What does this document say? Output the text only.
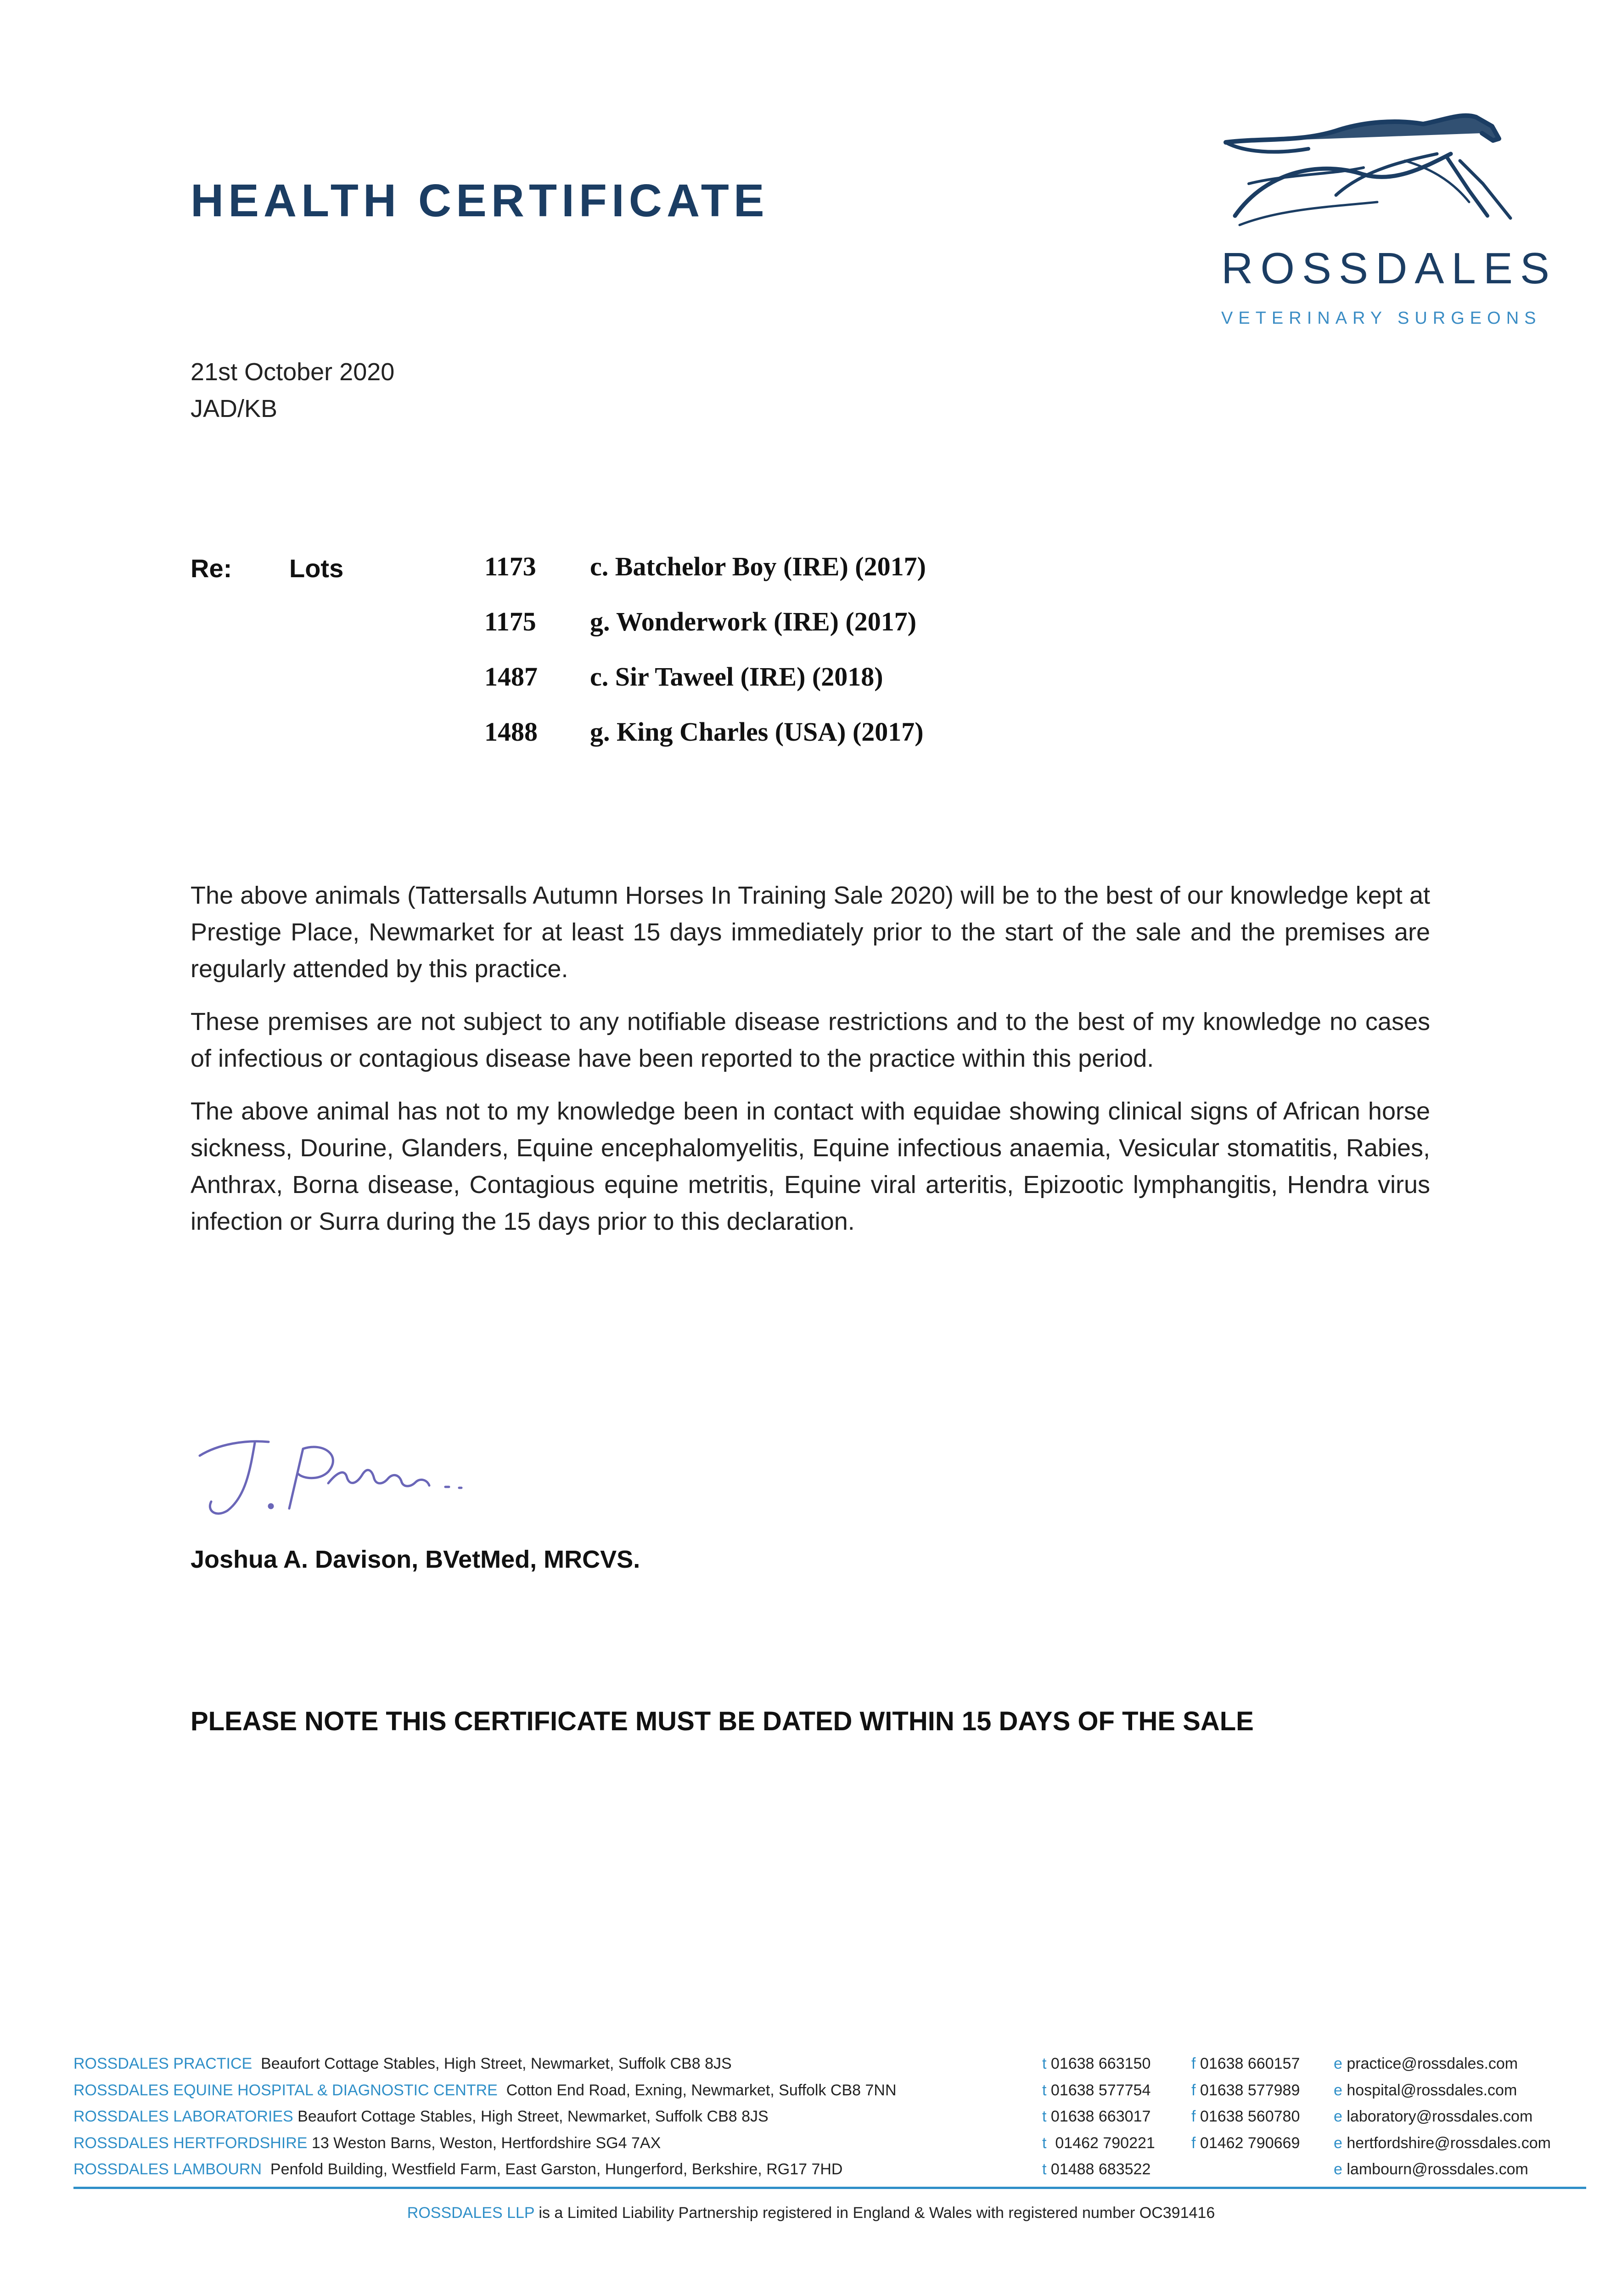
HEALTH CERTIFICATE
ROSSDALES
VETERINARY SURGEONS
21st October 2020
JAD/KB
Re: Lots	1173 c. Batchelor Boy (IRE) (2017)
1175 g. Wonderwork (IRE) (2017)
1487 c. Sir Taweel (IRE) (2018)
1488 g. King Charles (USA) (2017)
The above animals (Tattersalls Autumn Horses In Training Sale 2020) will be to the best of our knowledge kept at Prestige Place, Newmarket for at least 15 days immediately prior to the start of the sale and the premises are regularly attended by this practice.
These premises are not subject to any notifiable disease restrictions and to the best of my knowledge no cases of infectious or contagious disease have been reported to the practice within this period.
The above animal has not to my knowledge been in contact with equidae showing clinical signs of African horse sickness, Dourine, Glanders, Equine encephalomyelitis, Equine infectious anaemia, Vesicular stomatitis, Rabies, Anthrax, Borna disease, Contagious equine metritis, Equine viral arteritis, Epizootic lymphangitis, Hendra virus infection or Surra during the 15 days prior to this declaration.
Joshua A. Davison, BVetMed, MRCVS.
PLEASE NOTE THIS CERTIFICATE MUST BE DATED WITHIN 15 DAYS OF THE SALE
ROSSDALES PRACTICE Beaufort Cottage Stables, High Street, Newmarket, Suffolk CB8 8JS	t 01638 663150	f 01638 660157 e practice@rossdales.com
ROSSDALES EQUINE HOSPITAL & DIAGNOSTIC CENTRE Cotton End Road, Exning, Newmarket, Suffolk CB8 7NN	t 01638 577754	f 01638 577989 e hospital@rossdales.com
ROSSDALES LABORATORIES Beaufort Cottage Stables, High Street, Newmarket, Suffolk CB8 8JS	t 01638 663017	f 01638 560780 e laboratory@rossdales.com
ROSSDALES HERTFORDSHIRE 13 Weston Barns, Weston, Hertfordshire SG4 7AX	t 01462 790221 f 01462 790669 e hertfordshire@rossdales.com
ROSSDALES LAMBOURN Penfold Building, Westfield Farm, East Garston, Hungerford, Berkshire, RG17 7HD	t 01488 683522	e lambourn@rossdales.com
ROSSDALES LLP is a Limited Liability Partnership registered in England & Wales with registered number OC391416
